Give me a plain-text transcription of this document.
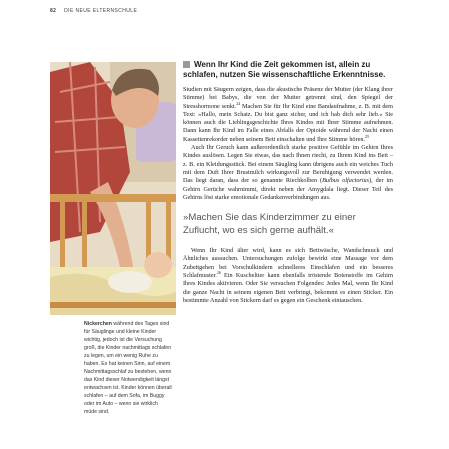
82 DIE NEUE ELTERNSCHULE
Nickerchen während des Tages sind für Säuglinge und kleine Kinder wichtig, jedoch ist die Versuchung groß, die Kinder nachmittags schlafen zu legen, um ein wenig Ruhe zu haben. Es hat keinen Sinn, auf einem Nachmittagsschlaf zu bestehen, wenn das Kind dieser Notwendigkeit längst entwachsen ist. Kinder können überall schlafen – auf dem Sofa, im Buggy oder im Auto – wenn sie wirklich müde sind.

Wenn Ihr Kind die Zeit gekommen ist, allein zu schlafen, nutzen Sie wissenschaftliche Erkenntnisse.

Studien mit Säugern zeigen, dass die akustische Präsenz der Mutter (der Klang ihrer Stimme) bei Babys, die von der Mutter getrennt sind, den Spiegel der Stresshormone senkt.$^{24}$ Machen Sie für Ihr Kind eine Bandaufnahme, z. B. mit dem Text: »Hallo, mein Schatz. Du bist ganz sicher, und ich hab dich sehr lieb.« Sie können auch die Lieblingsgeschichte Ihres Kindes mit Ihrer Stimme aufnehmen. Dann kann Ihr Kind im Falle eines Abfalls der Opioide während der Nacht einen Kassettenrekorder neben seinem Bett einschalten und Ihre Stimme hören.$^{25}$

Auch Ihr Geruch kann außerordentlich starke positive Gefühle im Gehirn Ihres Kindes auslösen. Legen Sie etwas, das nach Ihnen riecht, zu Ihrem Kind ins Bett – z. B. ein Kleidungsstück. Bei einem Säugling kann übrigens auch ein weiches Tuch mit dem Duft Ihrer Brustmilch wirkungsvoll zur Beruhigung verwendet werden. Das liegt daran, dass der so genannte Riechkolben (Bulbus olfactorius), der im Gehirn Gerüche wahrnimmt, direkt neben der Amygdala liegt. Dieser Teil des Gehirns löst starke emotionale Gedankenverbindungen aus.

»Machen Sie das Kinderzimmer zu einer Zuflucht, wo es sich gerne aufhält.«

Wenn Ihr Kind älter wird, kann es sich Bettwäsche, Wandschmuck und Ähnliches aussuchen. Untersuchungen zufolge bewirkt eine Massage vor dem Zubettgehen bei Vorschulkindern schnelleres Einschlafen und ein besseres Schlafmuster.$^{26}$ Ein Kuscheltier kann ebenfalls tröstende Botenstoffe im Gehirn Ihres Kindes aktivieren. Oder Sie versuchen Folgendes: Jedes Mal, wenn Ihr Kind die ganze Nacht in seinem eigenen Bett verbringt, bekommt es einen Sticker. Ein bestimmte Anzahl von Stickern darf es gegen ein Geschenk eintauschen.
